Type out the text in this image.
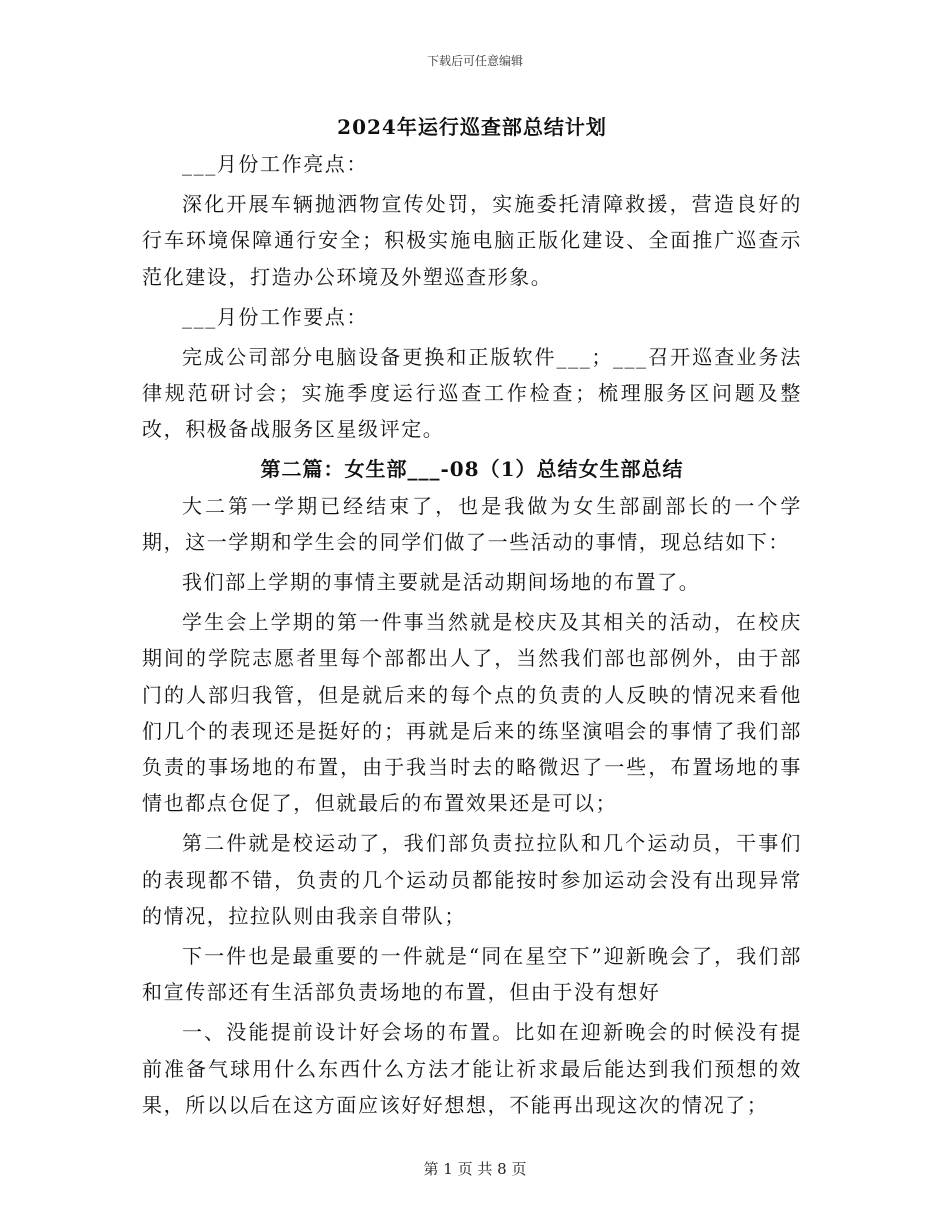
下载后可任意编辑
2024年运行巡查部总结计划

___月份工作亮点：

深化开展车辆抛洒物宣传处罚，实施委托清障救援，营造良好的行车环境保障通行安全；积极实施电脑正版化建设、全面推广巡查示范化建设，打造办公环境及外塑巡查形象。

___月份工作要点：

完成公司部分电脑设备更换和正版软件___；___召开巡查业务法律规范研讨会；实施季度运行巡查工作检查；梳理服务区问题及整改，积极备战服务区星级评定。

第二篇：女生部___-08（1）总结女生部总结

大二第一学期已经结束了，也是我做为女生部副部长的一个学期，这一学期和学生会的同学们做了一些活动的事情，现总结如下：

我们部上学期的事情主要就是活动期间场地的布置了。

学生会上学期的第一件事当然就是校庆及其相关的活动，在校庆期间的学院志愿者里每个部都出人了，当然我们部也部例外，由于部门的人部归我管，但是就后来的每个点的负责的人反映的情况来看他们几个的表现还是挺好的；再就是后来的练坚演唱会的事情了我们部负责的事场地的布置，由于我当时去的略微迟了一些，布置场地的事情也都点仓促了，但就最后的布置效果还是可以；

第二件就是校运动了，我们部负责拉拉队和几个运动员，干事们的表现都不错，负责的几个运动员都能按时参加运动会没有出现异常的情况，拉拉队则由我亲自带队；

下一件也是最重要的一件就是“同在星空下”迎新晚会了，我们部和宣传部还有生活部负责场地的布置，但由于没有想好

一、没能提前设计好会场的布置。比如在迎新晚会的时候没有提前准备气球用什么东西什么方法才能让祈求最后能达到我们预想的效果，所以以后在这方面应该好好想想，不能再出现这次的情况了；

第 1 页 共 8 页
